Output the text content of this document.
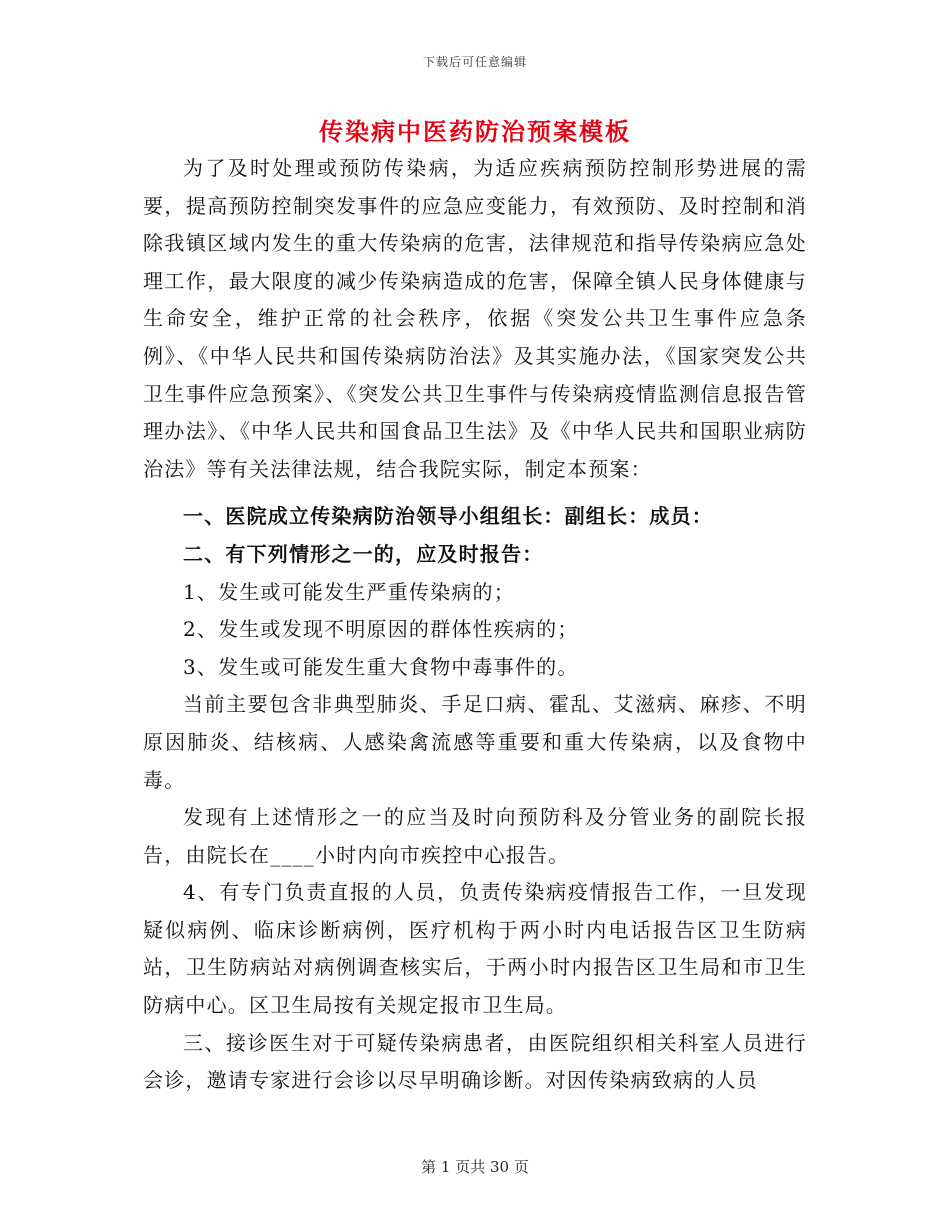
下载后可任意编辑
传染病中医药防治预案模板

为了及时处理或预防传染病，为适应疾病预防控制形势进展的需要，提高预防控制突发事件的应急应变能力，有效预防、及时控制和消除我镇区域内发生的重大传染病的危害，法律规范和指导传染病应急处理工作，最大限度的减少传染病造成的危害，保障全镇人民身体健康与生命安全，维护正常的社会秩序，依据《突发公共卫生事件应急条例》、《中华人民共和国传染病防治法》及其实施办法，《国家突发公共卫生事件应急预案》、《突发公共卫生事件与传染病疫情监测信息报告管理办法》、《中华人民共和国食品卫生法》及《中华人民共和国职业病防治法》等有关法律法规，结合我院实际，制定本预案：

一、医院成立传染病防治领导小组组长：副组长：成员：

二、有下列情形之一的，应及时报告：

1、发生或可能发生严重传染病的；

2、发生或发现不明原因的群体性疾病的；

3、发生或可能发生重大食物中毒事件的。

当前主要包含非典型肺炎、手足口病、霍乱、艾滋病、麻疹、不明原因肺炎、结核病、人感染禽流感等重要和重大传染病，以及食物中毒。

发现有上述情形之一的应当及时向预防科及分管业务的副院长报告，由院长在____小时内向市疾控中心报告。

4、有专门负责直报的人员，负责传染病疫情报告工作，一旦发现疑似病例、临床诊断病例，医疗机构于两小时内电话报告区卫生防病站，卫生防病站对病例调查核实后，于两小时内报告区卫生局和市卫生防病中心。区卫生局按有关规定报市卫生局。

三、接诊医生对于可疑传染病患者，由医院组织相关科室人员进行会诊，邀请专家进行会诊以尽早明确诊断。对因传染病致病的人员

第 1 页共 30 页
